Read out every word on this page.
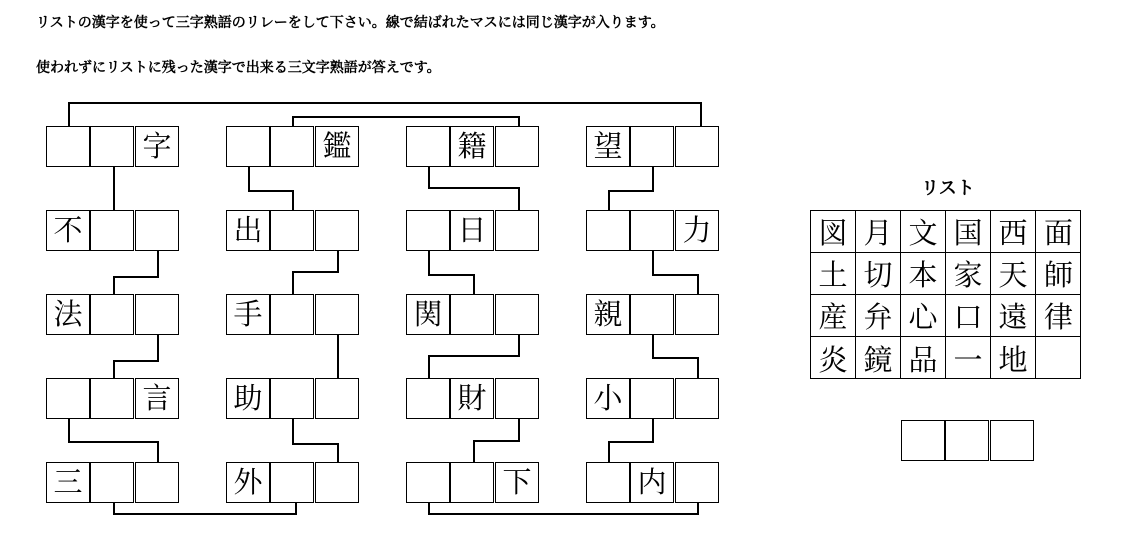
リストの漢字を使って三字熟語のリレーをして下さい。線で結ばれたマスには同じ漢字が入ります。
使われずにリストに残った漢字で出来る三文字熟語が答えです。
字	鑑	籍	望
不	出	日	力
法	手	関	親
言 助	財	小
三	外	下	内
リスト
図 月 文 国 西 面
土 切 本 家 天 師
産 弁 心 口 遠 律
炎 鏡 品 一 地
